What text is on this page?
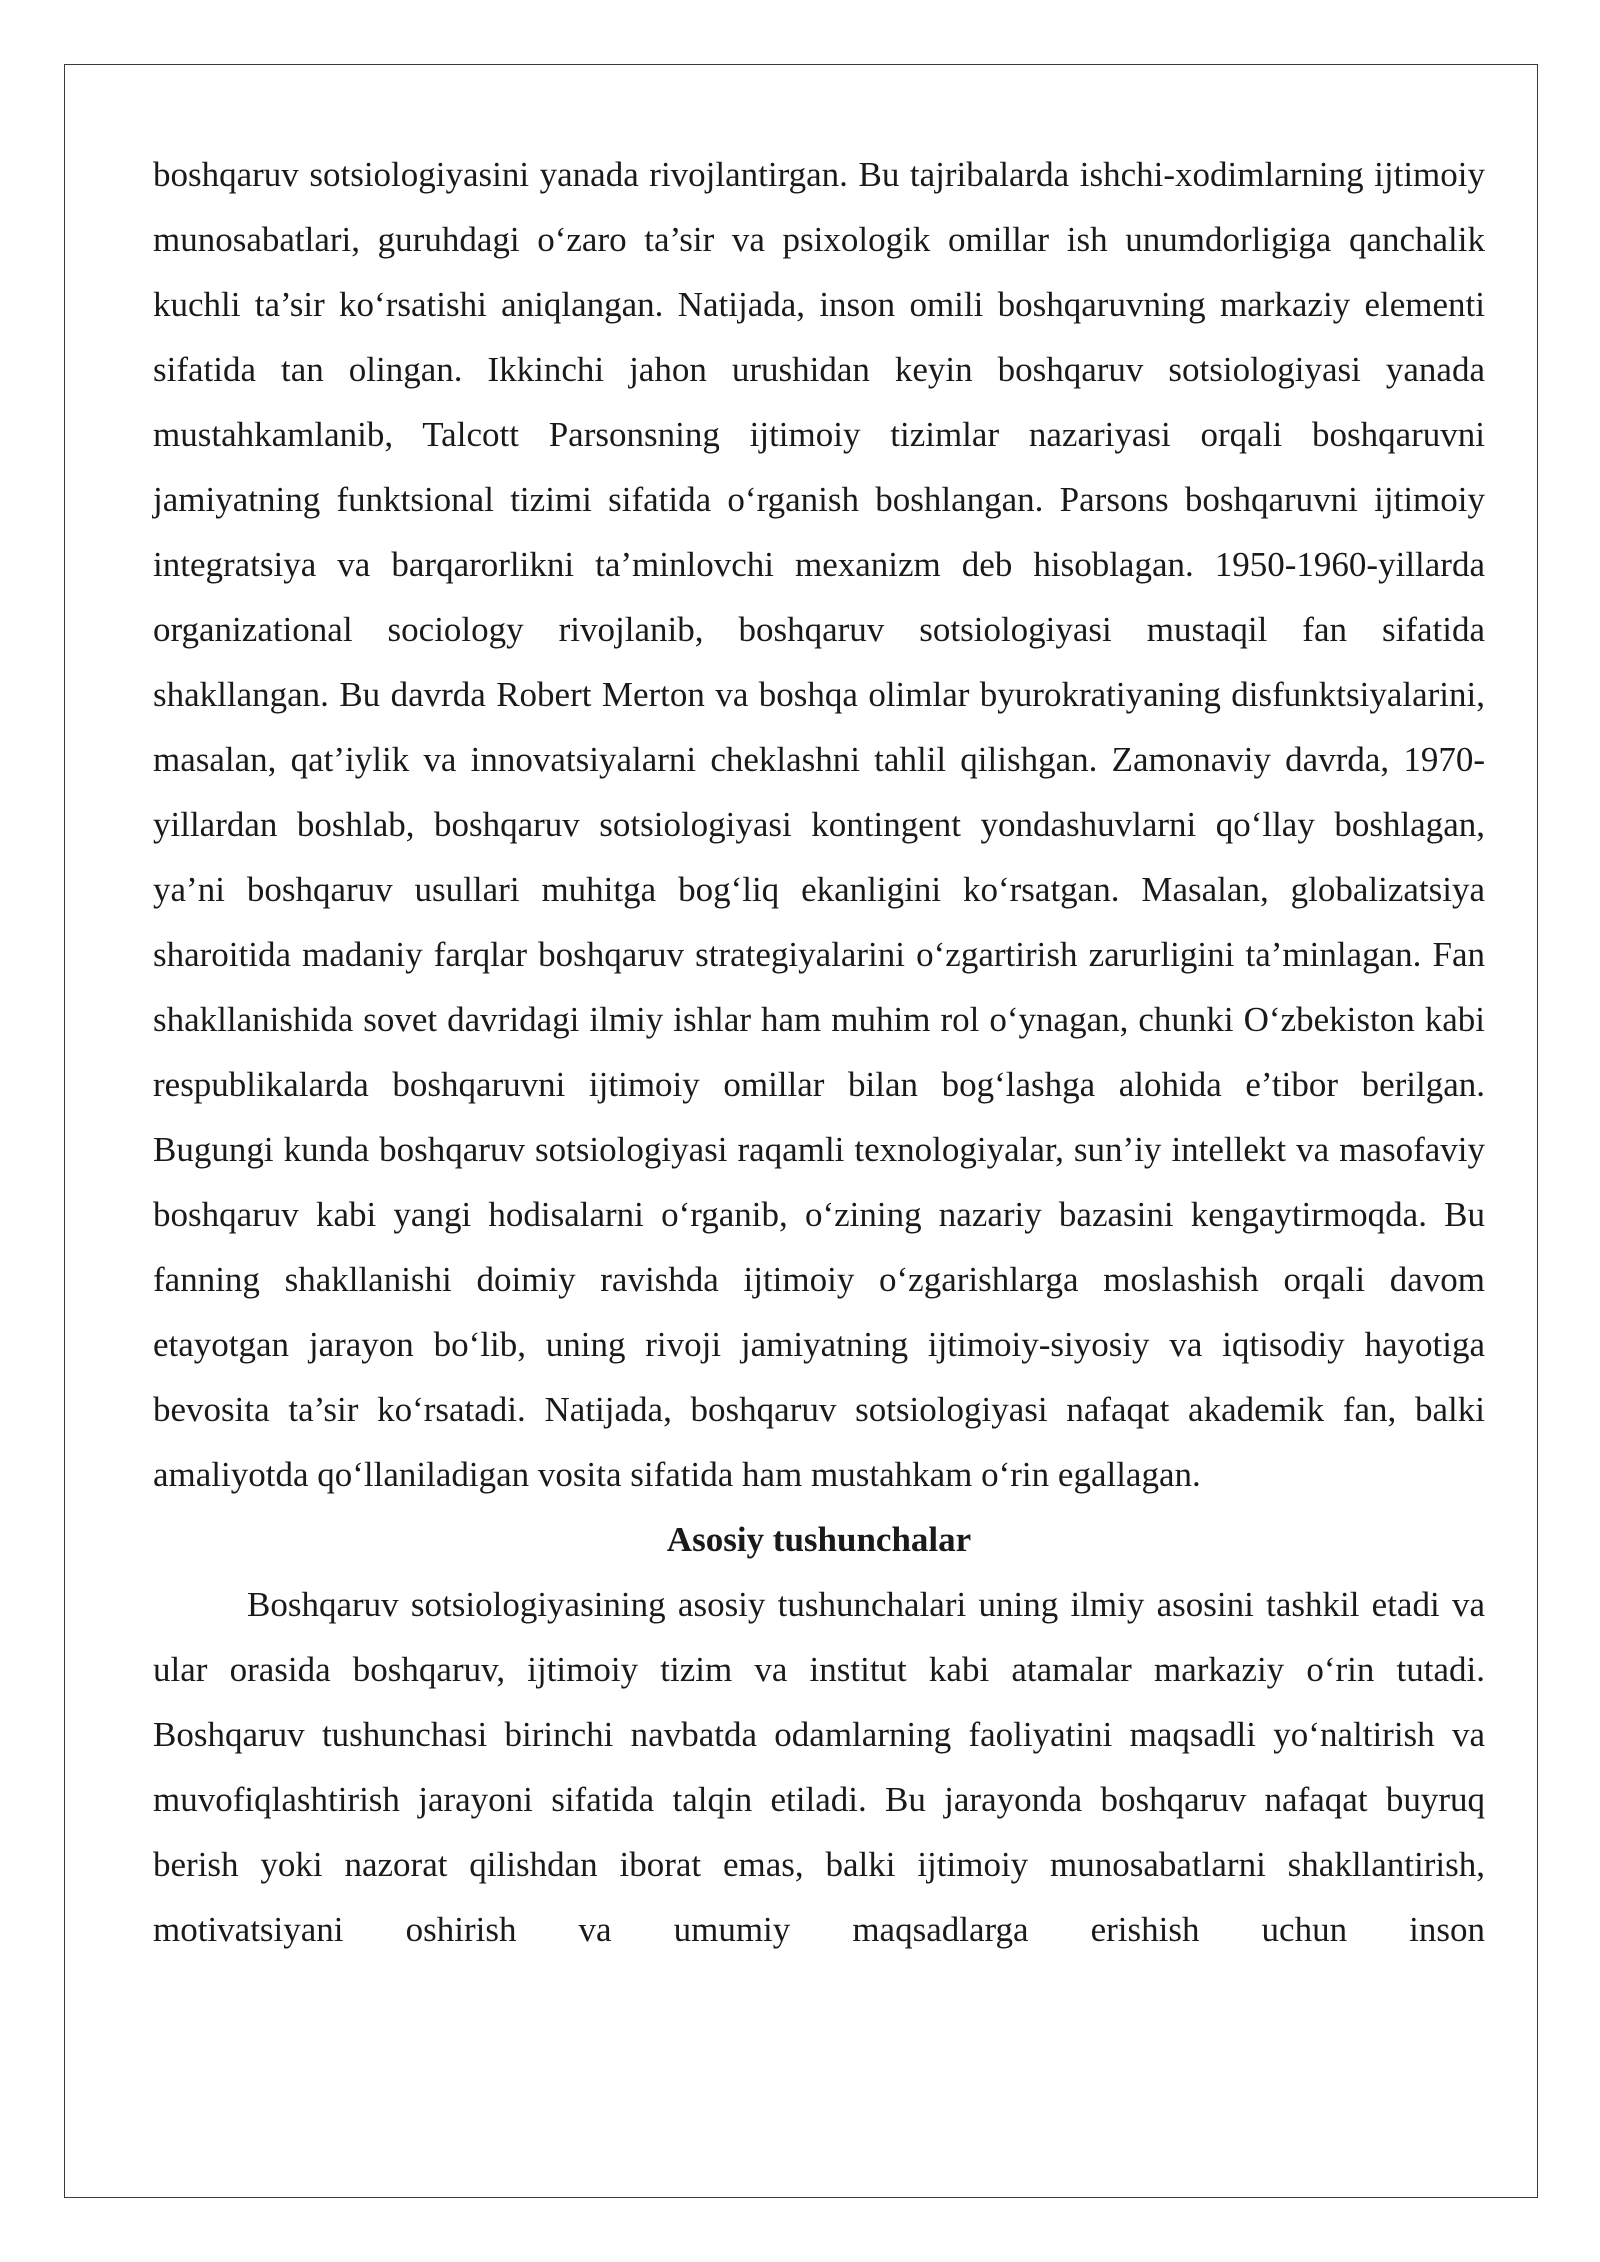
boshqaruv sotsiologiyasini yanada rivojlantirgan. Bu tajribalarda ishchi-xodimlarning ijtimoiy munosabatlari, guruhdagi o‘zaro ta’sir va psixologik omillar ish unumdorligiga qanchalik kuchli ta’sir ko‘rsatishi aniqlangan. Natijada, inson omili boshqaruvning markaziy elementi sifatida tan olingan. Ikkinchi jahon urushidan keyin boshqaruv sotsiologiyasi yanada mustahkamlanib, Talcott Parsonsning ijtimoiy tizimlar nazariyasi orqali boshqaruvni jamiyatning funktsional tizimi sifatida o‘rganish boshlangan. Parsons boshqaruvni ijtimoiy integratsiya va barqarorlikni ta’minlovchi mexanizm deb hisoblagan. 1950-1960-yillarda organizational sociology rivojlanib, boshqaruv sotsiologiyasi mustaqil fan sifatida shakllangan. Bu davrda Robert Merton va boshqa olimlar byurokratiyaning disfunktsiyalarini, masalan, qat’iylik va innovatsiyalarni cheklashni tahlil qilishgan. Zamonaviy davrda, 1970-yillardan boshlab, boshqaruv sotsiologiyasi kontingent yondashuvlarni qo‘llay boshlagan, ya’ni boshqaruv usullari muhitga bog‘liq ekanligini ko‘rsatgan. Masalan, globalizatsiya sharoitida madaniy farqlar boshqaruv strategiyalarini o‘zgartirish zarurligini ta’minlagan. Fan shakllanishida sovet davridagi ilmiy ishlar ham muhim rol o‘ynagan, chunki O‘zbekiston kabi respublikalarda boshqaruvni ijtimoiy omillar bilan bog‘lashga alohida e’tibor berilgan. Bugungi kunda boshqaruv sotsiologiyasi raqamli texnologiyalar, sun’iy intellekt va masofaviy boshqaruv kabi yangi hodisalarni o‘rganib, o‘zining nazariy bazasini kengaytirmoqda. Bu fanning shakllanishi doimiy ravishda ijtimoiy o‘zgarishlarga moslashish orqali davom etayotgan jarayon bo‘lib, uning rivoji jamiyatning ijtimoiy-siyosiy va iqtisodiy hayotiga bevosita ta’sir ko‘rsatadi. Natijada, boshqaruv sotsiologiyasi nafaqat akademik fan, balki amaliyotda qo‘llaniladigan vosita sifatida ham mustahkam o‘rin egallagan.

Asosiy tushunchalar

Boshqaruv sotsiologiyasining asosiy tushunchalari uning ilmiy asosini tashkil etadi va ular orasida boshqaruv, ijtimoiy tizim va institut kabi atamalar markaziy o‘rin tutadi. Boshqaruv tushunchasi birinchi navbatda odamlarning faoliyatini maqsadli yo‘naltirish va muvofiqlashtirish jarayoni sifatida talqin etiladi. Bu jarayonda boshqaruv nafaqat buyruq berish yoki nazorat qilishdan iborat emas, balki ijtimoiy munosabatlarni shakllantirish, motivatsiyani oshirish va umumiy maqsadlarga erishish uchun inson
